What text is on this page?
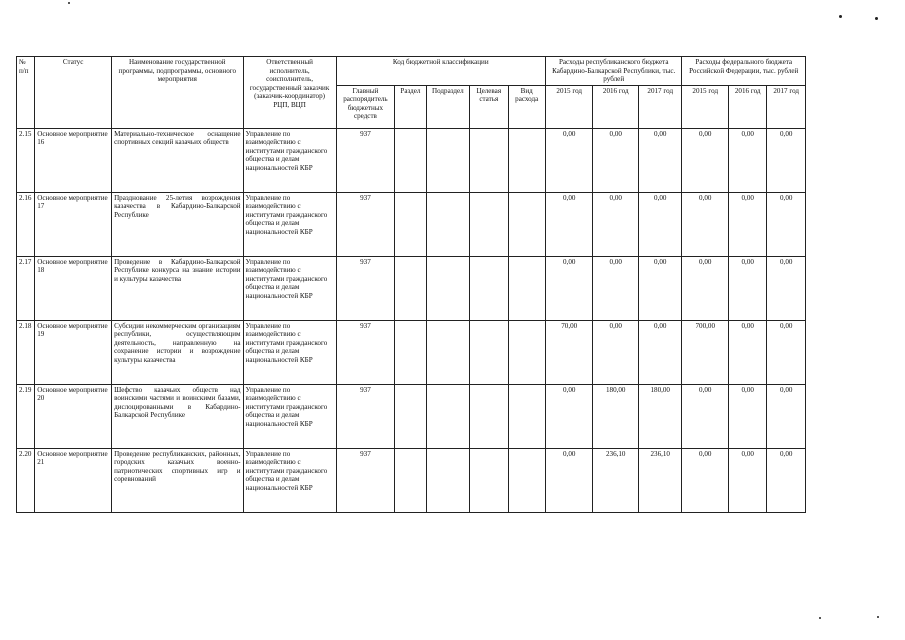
№ п/п	Статус	Наименование государственной программы, подпрограммы, основного мероприятия	Ответственный исполнитель, соисполнитель, государственный заказчик (заказчик-координатор) РЦП, ВЦП	Код бюджетной классификации					Расходы республиканского бюджета Кабардино-Балкарской Республики, тыс. рублей			Расходы федерального бюджета Российской Федерации, тыс. рублей		
				Главный распорядитель бюджетных средств	Раздел	Подраздел	Целевая статья	Вид расхода	2015 год	2016 год	2017 год	2015 год	2016 год	2017 год
2.15	Основное мероприятие 16	Материально-техническое оснащение спортивных секций казачьих обществ	Управление по взаимодействию с институтами гражданского общества и делам национальностей КБР	937					0,00	0,00	0,00	0,00	0,00	0,00
2.16	Основное мероприятие 17	Празднование 25-летия возрождения казачества в Кабардино-Балкарской Республике	Управление по взаимодействию с институтами гражданского общества и делам национальностей КБР	937					0,00	0,00	0,00	0,00	0,00	0,00
2.17	Основное мероприятие 18	Проведение в Кабардино-Балкарской Республике конкурса на знание истории и культуры казачества	Управление по взаимодействию с институтами гражданского общества и делам национальностей КБР	937					0,00	0,00	0,00	0,00	0,00	0,00
2.18	Основное мероприятие 19	Субсидии некоммерческим организациям республики, осуществляющим деятельность, направленную на сохранение истории и возрождение культуры казачества	Управление по взаимодействию с институтами гражданского общества и делам национальностей КБР	937					70,00	0,00	0,00	700,00	0,00	0,00
2.19	Основное мероприятие 20	Шефство казачьих обществ над воинскими частями и воинскими базами, дислоцированными в Кабардино-Балкарской Республике	Управление по взаимодействию с институтами гражданского общества и делам национальностей КБР	937					0,00	180,00	180,00	0,00	0,00	0,00
2.20	Основное мероприятие 21	Проведение республиканских, районных, городских казачьих военно-патриотических спортивных игр и соревнований	Управление по взаимодействию с институтами гражданского общества и делам национальностей КБР	937					0,00	236,10	236,10	0,00	0,00	0,00
